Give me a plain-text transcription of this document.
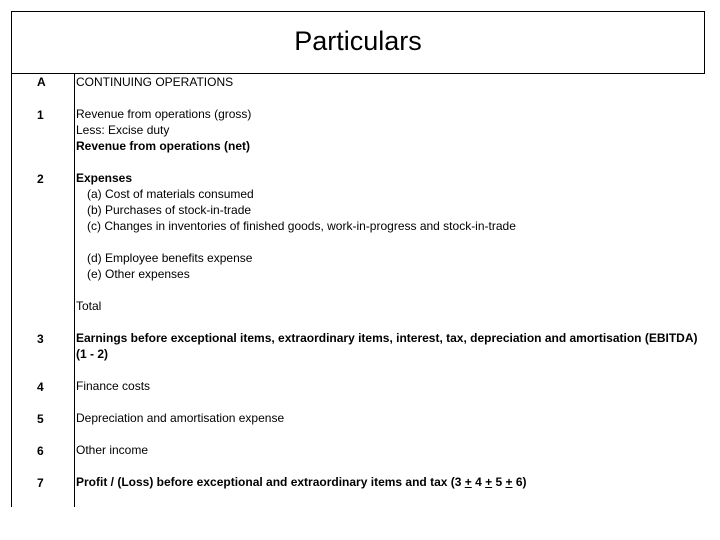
Particulars
A	CONTINUING OPERATIONS
1	Revenue from operations (gross)
Less: Excise duty
Revenue from operations (net)
2	Expenses
(a) Cost of materials consumed
(b) Purchases of stock-in-trade
(c) Changes in inventories of finished goods, work-in-progress and stock-in-trade
(d) Employee benefits expense
(e) Other expenses
Total
3	Earnings before exceptional items, extraordinary items, interest, tax, depreciation and amortisation (EBITDA)
(1 - 2)
4	Finance costs
5	Depreciation and amortisation expense
6	Other income
7	Profit / (Loss) before exceptional and extraordinary items and tax (3 + 4 + 5 + 6)
